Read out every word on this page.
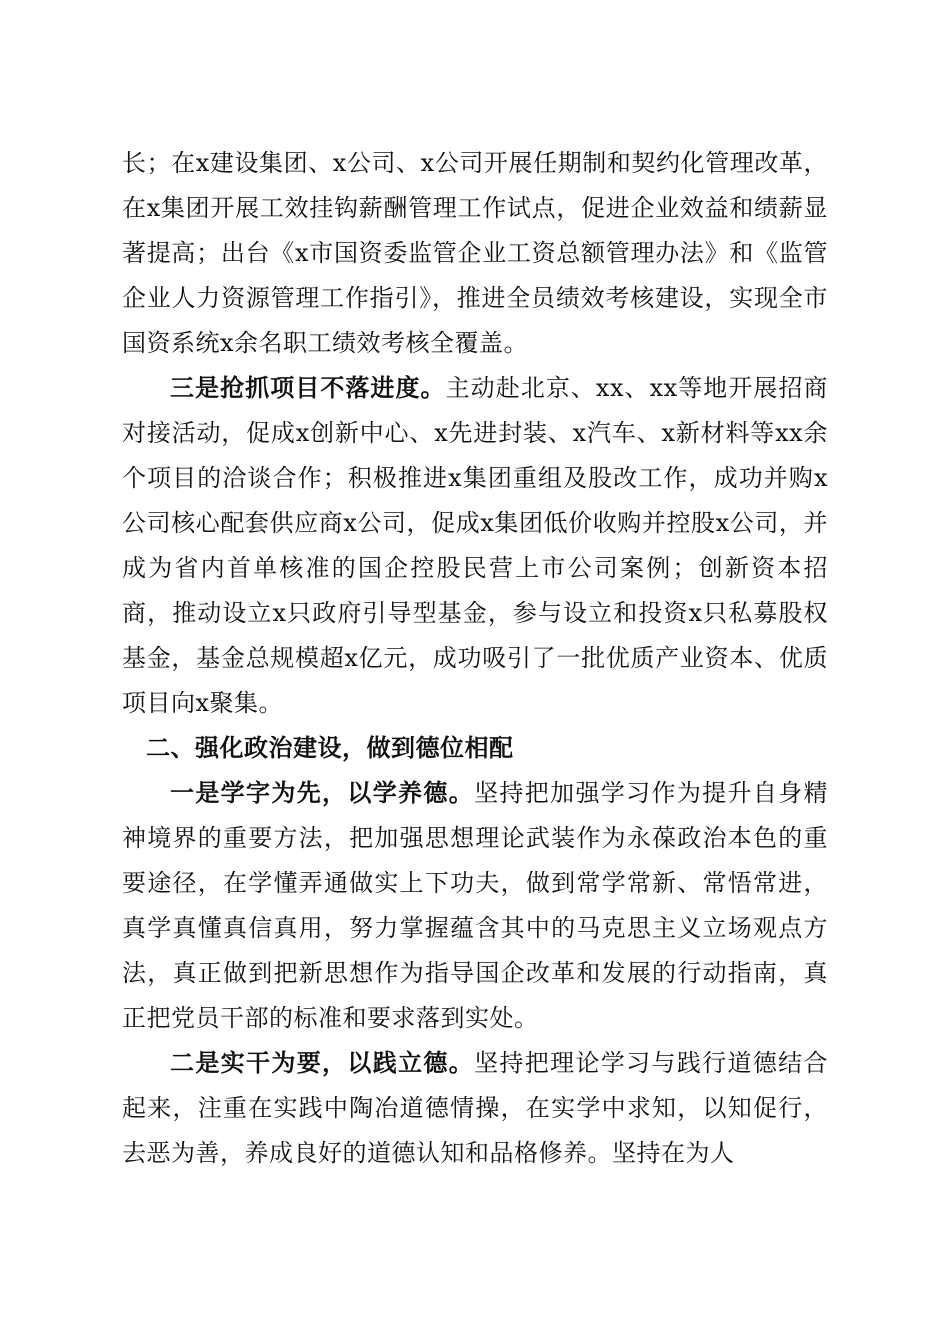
长；在x建设集团、x公司、x公司开展任期制和契约化管理改革，在x集团开展工效挂钩薪酬管理工作试点，促进企业效益和绩薪显著提高；出台《x市国资委监管企业工资总额管理办法》和《监管企业人力资源管理工作指引》，推进全员绩效考核建设，实现全市国资系统x余名职工绩效考核全覆盖。

三是抢抓项目不落进度。主动赴北京、xx、xx等地开展招商对接活动，促成x创新中心、x先进封装、x汽车、x新材料等xx余个项目的洽谈合作；积极推进x集团重组及股改工作，成功并购x公司核心配套供应商x公司，促成x集团低价收购并控股x公司，并成为省内首单核准的国企控股民营上市公司案例；创新资本招商，推动设立x只政府引导型基金，参与设立和投资x只私募股权基金，基金总规模超x亿元，成功吸引了一批优质产业资本、优质项目向x聚集。

二、强化政治建设，做到德位相配

一是学字为先，以学养德。坚持把加强学习作为提升自身精神境界的重要方法，把加强思想理论武装作为永葆政治本色的重要途径，在学懂弄通做实上下功夫，做到常学常新、常悟常进，真学真懂真信真用，努力掌握蕴含其中的马克思主义立场观点方法，真正做到把新思想作为指导国企改革和发展的行动指南，真正把党员干部的标准和要求落到实处。

二是实干为要，以践立德。坚持把理论学习与践行道德结合起来，注重在实践中陶冶道德情操，在实学中求知，以知促行，去恶为善，养成良好的道德认知和品格修养。坚持在为人
